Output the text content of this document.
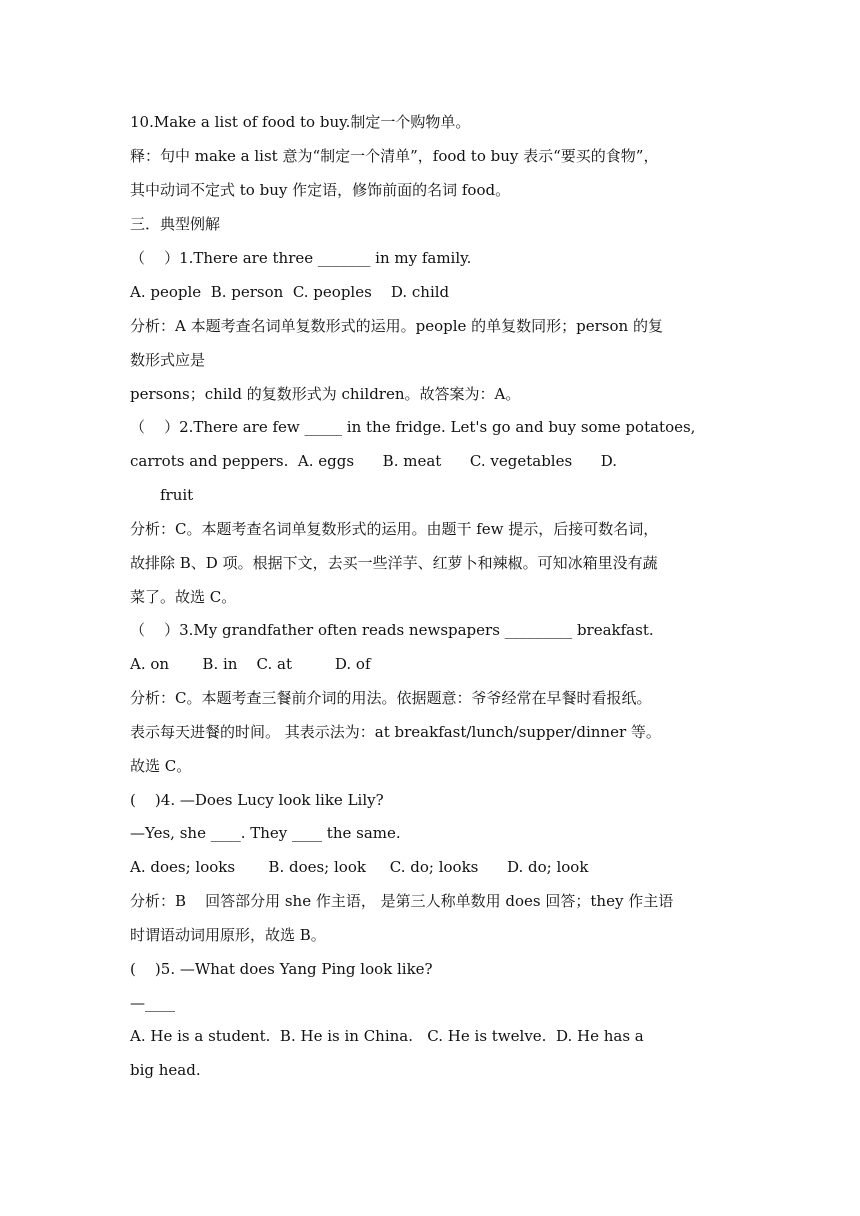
10.Make a list of food to buy.制定一个购物单。
释：句中 make a list 意为“制定一个清单”，food to buy 表示“要买的食物”，
其中动词不定式 to buy 作定语，修饰前面的名词 food。
三．典型例解
（    ）1.There are three _______ in my family.
A. people  B. person  C. peoples    D. child
分析：A 本题考查名词单复数形式的运用。people 的单复数同形；person 的复
数形式应是
persons；child 的复数形式为 children。故答案为：A。
（    ）2.There are few _____ in the fridge. Let's go and buy some potatoes,
carrots and peppers.  A. eggs      B. meat      C. vegetables      D.
fruit
分析：C。本题考查名词单复数形式的运用。由题干 few 提示，后接可数名词，
故排除 B、D 项。根据下文，去买一些洋芋、红萝卜和辣椒。可知冰箱里没有蔬
菜了。故选 C。
（    ）3.My grandfather often reads newspapers _________ breakfast.
A. on       B. in    C. at         D. of
分析：C。本题考查三餐前介词的用法。依据题意：爷爷经常在早餐时看报纸。
表示每天进餐的时间。 其表示法为：at breakfast/lunch/supper/dinner 等。
故选 C。
(    )4. —Does Lucy look like Lily?
—Yes, she ____. They ____ the same.
A. does; looks       B. does; look     C. do; looks      D. do; look
分析：B    回答部分用 she 作主语， 是第三人称单数用 does 回答；they 作主语
时谓语动词用原形，故选 B。
(    )5. —What does Yang Ping look like?
—____
A. He is a student.  B. He is in China.   C. He is twelve.  D. He has a
big head.
